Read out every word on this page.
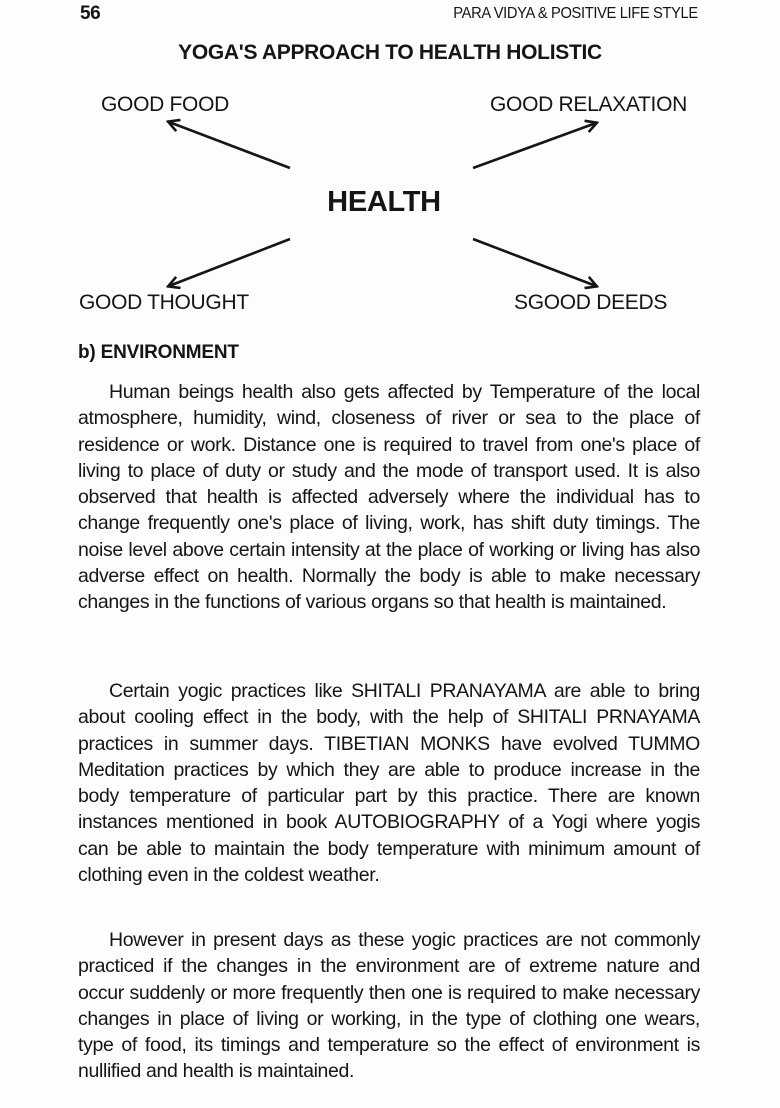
56	PARA VIDYA & POSITIVE LIFE STYLE
YOGA'S APPROACH TO HEALTH HOLISTIC
GOOD FOOD	GOOD RELAXATION
HEALTH
GOOD THOUGHT	SGOOD DEEDS
b) ENVIRONMENT

Human beings health also gets affected by Temperature of the local atmosphere, humidity, wind, closeness of river or sea to the place of residence or work. Distance one is required to travel from one's place of living to place of duty or study and the mode of transport used. It is also observed that health is affected adversely where the individual has to change frequently one's place of living, work, has shift duty timings. The noise level above certain intensity at the place of working or living has also adverse effect on health. Normally the body is able to make necessary changes in the functions of various organs so that health is maintained.

Certain yogic practices like SHITALI PRANAYAMA are able to bring about cooling effect in the body, with the help of SHITALI PRNAYAMA practices in summer days. TIBETIAN MONKS have evolved TUMMO Meditation practices by which they are able to produce increase in the body temperature of particular part by this practice. There are known instances mentioned in book AUTOBIOGRAPHY of a Yogi where yogis can be able to maintain the body temperature with minimum amount of clothing even in the coldest weather.

However in present days as these yogic practices are not commonly practiced if the changes in the environment are of extreme nature and occur suddenly or more frequently then one is required to make necessary changes in place of living or working, in the type of clothing one wears, type of food, its timings and temperature so the effect of environment is nullified and health is maintained.
